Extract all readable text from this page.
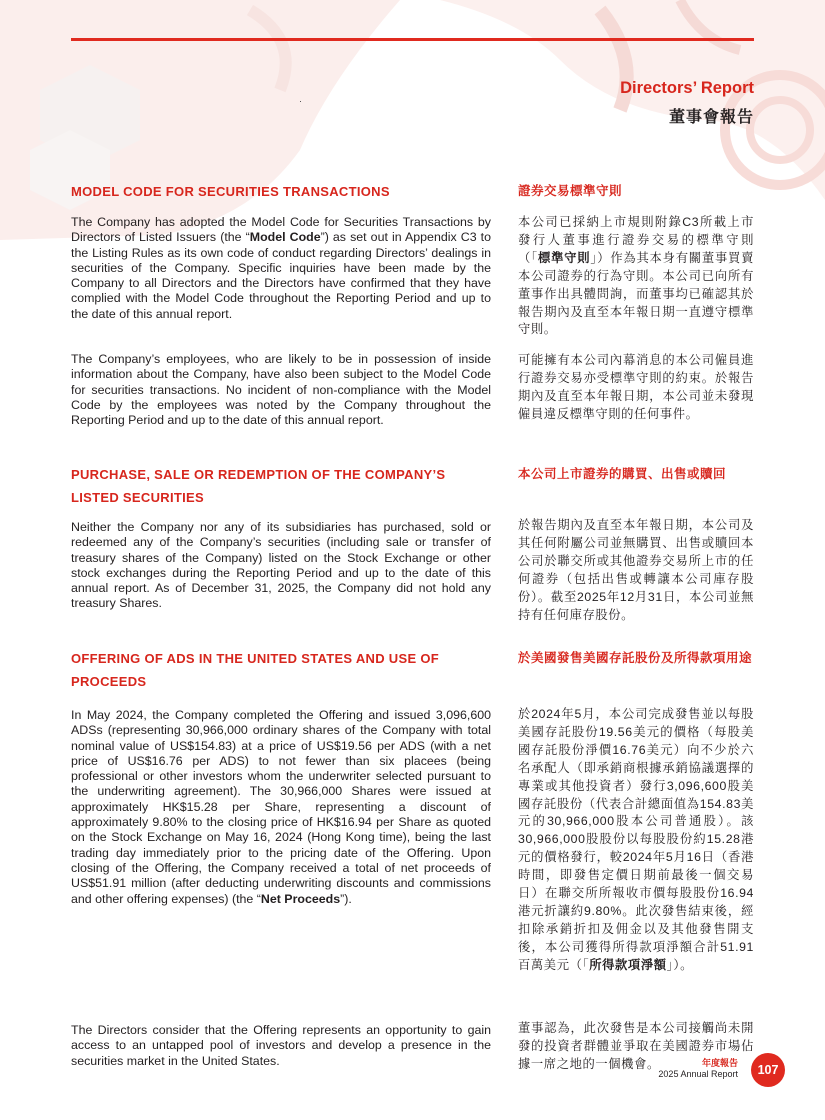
Directors’ Report
董事會報告
MODEL CODE FOR SECURITIES TRANSACTIONS	證券交易標準守則

The Company has adopted the Model Code for Securities Transactions by Directors of Listed Issuers (the “Model Code”) as set out in Appendix C3 to the Listing Rules as its own code of conduct regarding Directors’ dealings in securities of the Company. Specific inquiries have been made by the Company to all Directors and the Directors have confirmed that they have complied with the Model Code throughout the Reporting Period and up to the date of this annual report.

本公司已採納上市規則附錄C3所載上市發行人董事進行證券交易的標準守則（「標準守則」）作為其本身有關董事買賣本公司證券的行為守則。本公司已向所有董事作出具體問詢，而董事均已確認其於報告期內及直至本年報日期一直遵守標準守則。

The Company’s employees, who are likely to be in possession of inside information about the Company, have also been subject to the Model Code for securities transactions. No incident of non-compliance with the Model Code by the employees was noted by the Company throughout the Reporting Period and up to the date of this annual report.

可能擁有本公司內幕消息的本公司僱員進行證券交易亦受標準守則的約束。於報告期內及直至本年報日期，本公司並未發現僱員違反標準守則的任何事件。

PURCHASE, SALE OR REDEMPTION OF THE COMPANY’S LISTED SECURITIES
本公司上市證券的購買、出售或贖回

Neither the Company nor any of its subsidiaries has purchased, sold or redeemed any of the Company’s securities (including sale or transfer of treasury shares of the Company) listed on the Stock Exchange or other stock exchanges during the Reporting Period and up to the date of this annual report. As of December 31, 2025, the Company did not hold any treasury Shares.

於報告期內及直至本年報日期，本公司及其任何附屬公司並無購買、出售或贖回本公司於聯交所或其他證券交易所上市的任何證券（包括出售或轉讓本公司庫存股份）。截至2025年12月31日，本公司並無持有任何庫存股份。

OFFERING OF ADS IN THE UNITED STATES AND USE OF PROCEEDS
於美國發售美國存託股份及所得款項用途

In May 2024, the Company completed the Offering and issued 3,096,600 ADSs (representing 30,966,000 ordinary shares of the Company with total nominal value of US$154.83) at a price of US$19.56 per ADS (with a net price of US$16.76 per ADS) to not fewer than six placees (being professional or other investors whom the underwriter selected pursuant to the underwriting agreement). The 30,966,000 Shares were issued at approximately HK$15.28 per Share, representing a discount of approximately 9.80% to the closing price of HK$16.94 per Share as quoted on the Stock Exchange on May 16, 2024 (Hong Kong time), being the last trading day immediately prior to the pricing date of the Offering. Upon closing of the Offering, the Company received a total of net proceeds of US$51.91 million (after deducting underwriting discounts and commissions and other offering expenses) (the “Net Proceeds”).

於2024年5月，本公司完成發售並以每股美國存託股份19.56美元的價格（每股美國存託股份淨價16.76美元）向不少於六名承配人（即承銷商根據承銷協議選擇的專業或其他投資者）發行3,096,600股美國存託股份（代表合計總面值為154.83美元的30,966,000股本公司普通股）。該30,966,000股股份以每股股份約15.28港元的價格發行，較2024年5月16日（香港時間，即發售定價日期前最後一個交易日）在聯交所所報收市價每股股份16.94港元折讓約9.80%。此次發售結束後，經扣除承銷折扣及佣金以及其他發售開支後，本公司獲得所得款項淨額合計51.91百萬美元（「所得款項淨額」）。

The Directors consider that the Offering represents an opportunity to gain access to an untapped pool of investors and develop a presence in the securities market in the United States.

董事認為，此次發售是本公司接觸尚未開發的投資者群體並爭取在美國證券市場佔據一席之地的一個機會。	年度報告
2025 Annual Report	107
